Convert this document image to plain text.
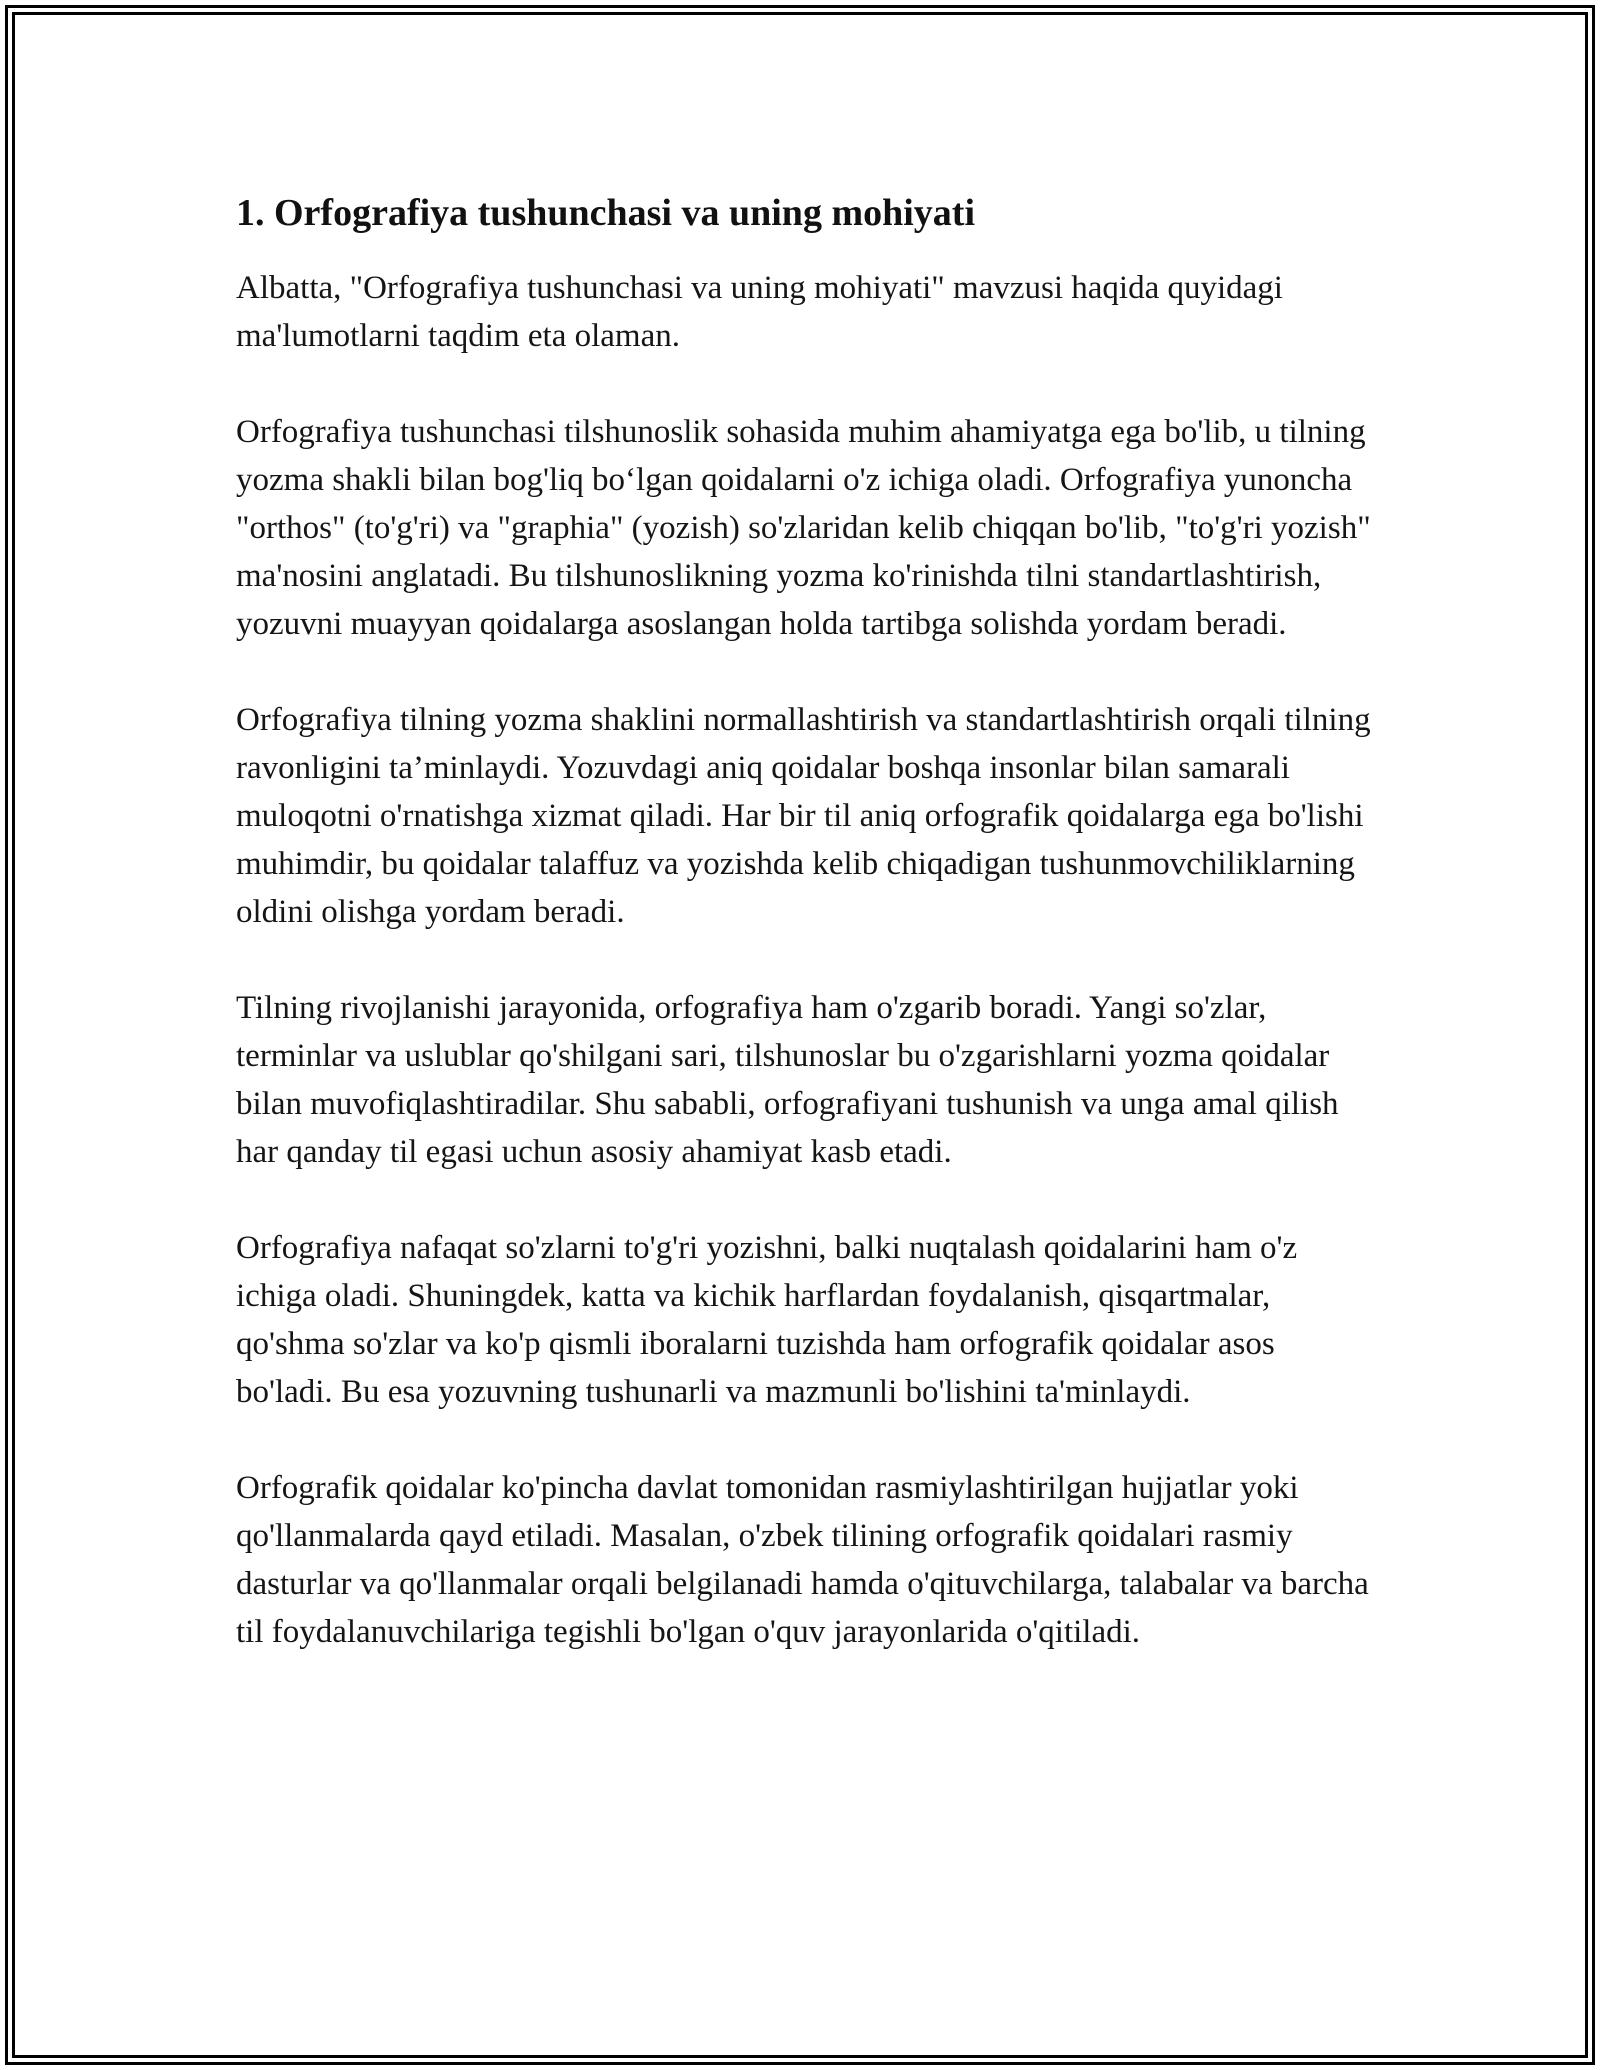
1. Orfografiya tushunchasi va uning mohiyati

Albatta, "Orfografiya tushunchasi va uning mohiyati" mavzusi haqida quyidagi ma'lumotlarni taqdim eta olaman.

Orfografiya tushunchasi tilshunoslik sohasida muhim ahamiyatga ega bo'lib, u tilning yozma shakli bilan bog'liq bo‘lgan qoidalarni o'z ichiga oladi. Orfografiya yunoncha "orthos" (to'g'ri) va "graphia" (yozish) so'zlaridan kelib chiqqan bo'lib, "to'g'ri yozish" ma'nosini anglatadi. Bu tilshunoslikning yozma ko'rinishda tilni standartlashtirish, yozuvni muayyan qoidalarga asoslangan holda tartibga solishda yordam beradi.

Orfografiya tilning yozma shaklini normallashtirish va standartlashtirish orqali tilning ravonligini ta’minlaydi. Yozuvdagi aniq qoidalar boshqa insonlar bilan samarali muloqotni o'rnatishga xizmat qiladi. Har bir til aniq orfografik qoidalarga ega bo'lishi muhimdir, bu qoidalar talaffuz va yozishda kelib chiqadigan tushunmovchiliklarning oldini olishga yordam beradi.

Tilning rivojlanishi jarayonida, orfografiya ham o'zgarib boradi. Yangi so'zlar, terminlar va uslublar qo'shilgani sari, tilshunoslar bu o'zgarishlarni yozma qoidalar bilan muvofiqlashtiradilar. Shu sababli, orfografiyani tushunish va unga amal qilish har qanday til egasi uchun asosiy ahamiyat kasb etadi.

Orfografiya nafaqat so'zlarni to'g'ri yozishni, balki nuqtalash qoidalarini ham o'z ichiga oladi. Shuningdek, katta va kichik harflardan foydalanish, qisqartmalar, qo'shma so'zlar va ko'p qismli iboralarni tuzishda ham orfografik qoidalar asos bo'ladi. Bu esa yozuvning tushunarli va mazmunli bo'lishini ta'minlaydi.

Orfografik qoidalar ko'pincha davlat tomonidan rasmiylashtirilgan hujjatlar yoki qo'llanmalarda qayd etiladi. Masalan, o'zbek tilining orfografik qoidalari rasmiy dasturlar va qo'llanmalar orqali belgilanadi hamda o'qituvchilarga, talabalar va barcha til foydalanuvchilariga tegishli bo'lgan o'quv jarayonlarida o'qitiladi.
